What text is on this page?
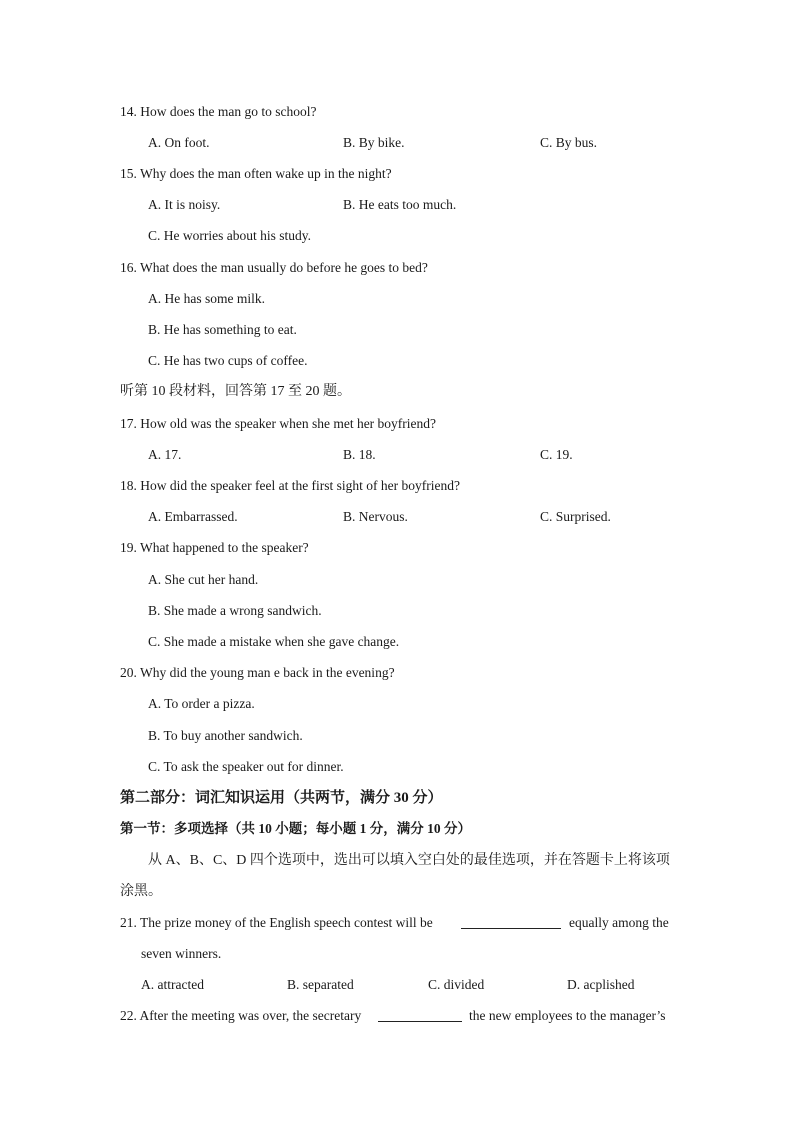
14. How does the man go to school?
A. On foot.	B. By bike.	C. By bus.
15. Why does the man often wake up in the night?
A. It is noisy.	B. He eats too much.
C. He worries about his study.
16. What does the man usually do before he goes to bed?
A. He has some milk.
B. He has something to eat.
C. He has two cups of coffee.
听第 10 段材料，回答第 17 至 20 题。
17. How old was the speaker when she met her boyfriend?
A. 17.	B. 18.	C. 19.
18. How did the speaker feel at the first sight of her boyfriend?
A. Embarrassed.	B. Nervous.	C. Surprised.
19. What happened to the speaker?
A. She cut her hand.
B. She made a wrong sandwich.
C. She made a mistake when she gave change.
20. Why did the young man e back in the evening?
A. To order a pizza.
B. To buy another sandwich.
C. To ask the speaker out for dinner.
第二部分：词汇知识运用（共两节，满分 30 分）
第一节：多项选择（共 10 小题；每小题 1 分，满分 10 分）
从 A、B、C、D 四个选项中，选出可以填入空白处的最佳选项，并在答题卡上将该项
涂黑。
21. The prize money of the English speech contest will be	equally among the
seven winners.
A. attracted	B. separated	C. divided	D. acplished
22. After the meeting was over, the secretary	the new employees to the manager’s
